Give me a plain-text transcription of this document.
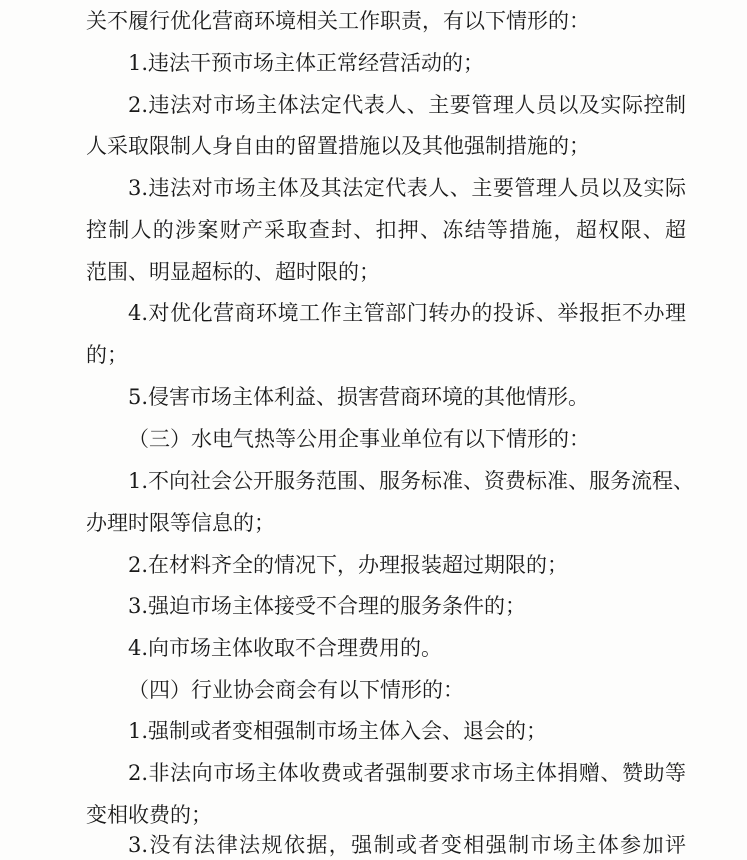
关不履行优化营商环境相关工作职责，有以下情形的：
1.违法干预市场主体正常经营活动的；
2.违法对市场主体法定代表人、主要管理人员以及实际控制
人采取限制人身自由的留置措施以及其他强制措施的；
3.违法对市场主体及其法定代表人、主要管理人员以及实际
控制人的涉案财产采取查封、扣押、冻结等措施，超权限、超
范围、明显超标的、超时限的；
4.对优化营商环境工作主管部门转办的投诉、举报拒不办理
的；
5.侵害市场主体利益、损害营商环境的其他情形。
（三）水电气热等公用企事业单位有以下情形的：
1.不向社会公开服务范围、服务标准、资费标准、服务流程、
办理时限等信息的；
2.在材料齐全的情况下，办理报装超过期限的；
3.强迫市场主体接受不合理的服务条件的；
4.向市场主体收取不合理费用的。
（四）行业协会商会有以下情形的：
1.强制或者变相强制市场主体入会、退会的；
2.非法向市场主体收费或者强制要求市场主体捐赠、赞助等
变相收费的；
3.没有法律法规依据，强制或者变相强制市场主体参加评
